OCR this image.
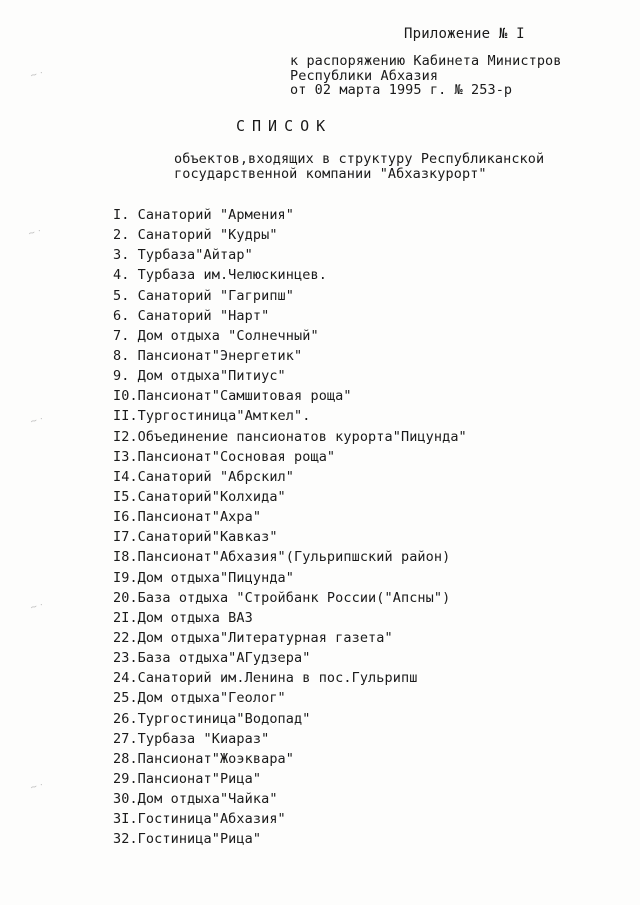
∼ ·
∼ ·
∼ ·
∼ ·
∼ ·
Приложение № I
к распоряжению Кабинета Министров
Республики Абхазия
от 02 марта 1995 г. № 253-р
СПИСОК
объектов,входящих в структуру Республиканской
государственной компании "Абхазкурорт"
I. Санаторий "Армения"
2. Санаторий "Кудры"
3. Турбаза"Айтар"
4. Турбаза им.Челюскинцев.
5. Санаторий "Гагрипш"
6. Санаторий "Нарт"
7. Дом отдыха "Солнечный"
8. Пансионат"Энергетик"
9. Дом отдыха"Питиус"
I0.Пансионат"Самшитовая роща"
II.Тургостиница"Амткел".
I2.Объединение пансионатов курорта"Пицунда"
I3.Пансионат"Сосновая роща"
I4.Санаторий "Абрскил"
I5.Санаторий"Колхида"
I6.Пансионат"Ахра"
I7.Санаторий"Кавказ"
I8.Пансионат"Абхазия"(Гульрипшский район)
I9.Дом отдыха"Пицунда"
20.База отдыха "Стройбанк России("Апсны")
2I.Дом отдыха ВАЗ
22.Дом отдыха"Литературная газета"
23.База отдыха"АГудзера"
24.Санаторий им.Ленина в пос.Гульрипш
25.Дом отдыха"Геолог"
26.Тургостиница"Водопад"
27.Турбаза "Киараз"
28.Пансионат"Жоэквара"
29.Пансионат"Рица"
30.Дом отдыха"Чайка"
3I.Гостиница"Абхазия"
32.Гостиница"Рица"
